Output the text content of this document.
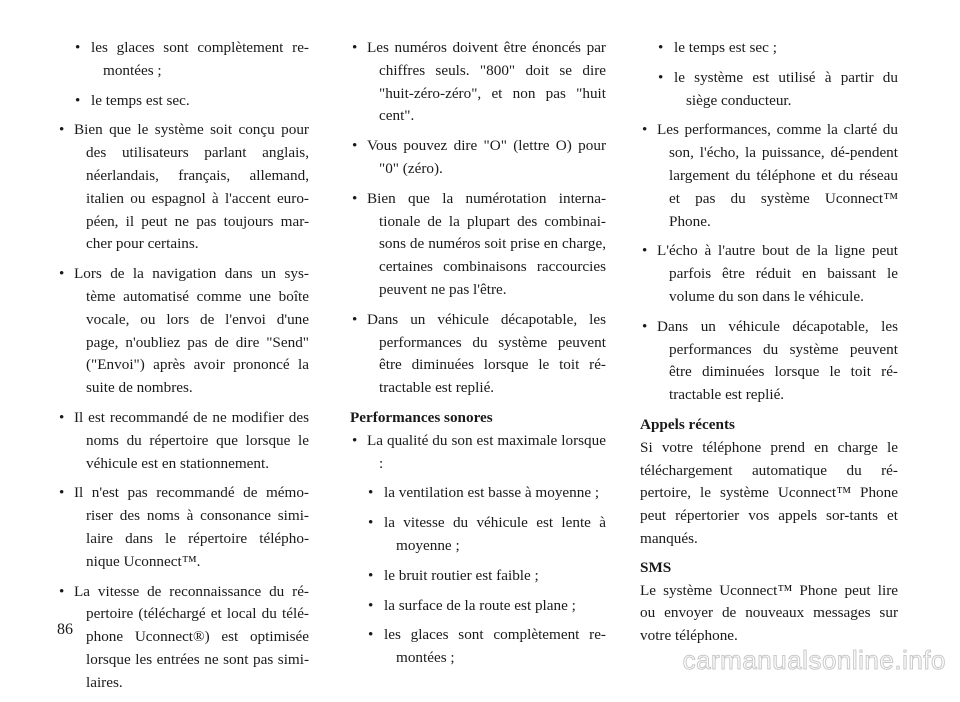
• les glaces sont complètement re-montées ;
• le temps est sec.
• Bien que le système soit conçu pour des utilisateurs parlant anglais, néerlandais, français, allemand, italien ou espagnol à l'accent euro-péen, il peut ne pas toujours mar-cher pour certains.
• Lors de la navigation dans un sys-tème automatisé comme une boîte vocale, ou lors de l'envoi d'une page, n'oubliez pas de dire "Send" ("Envoi") après avoir prononcé la suite de nombres.
• Il est recommandé de ne modifier des noms du répertoire que lorsque le véhicule est en stationnement.
• Il n'est pas recommandé de mémo-riser des noms à consonance simi-laire dans le répertoire télépho-nique Uconnect™.
• La vitesse de reconnaissance du ré-pertoire (téléchargé et local du télé-phone Uconnect®) est optimisée lorsque les entrées ne sont pas simi-laires.
• Les numéros doivent être énoncés par chiffres seuls. "800" doit se dire "huit-zéro-zéro", et non pas "huit cent".
• Vous pouvez dire "O" (lettre O) pour "0" (zéro).
• Bien que la numérotation interna-tionale de la plupart des combinai-sons de numéros soit prise en charge, certaines combinaisons raccourcies peuvent ne pas l'être.
• Dans un véhicule décapotable, les performances du système peuvent être diminuées lorsque le toit ré-tractable est replié.

Performances sonores

• La qualité du son est maximale lorsque :
• la ventilation est basse à moyenne ;
• la vitesse du véhicule est lente à moyenne ;
• le bruit routier est faible ;
• la surface de la route est plane ;
• les glaces sont complètement re-montées ;
• le temps est sec ;
• le système est utilisé à partir du siège conducteur.
• Les performances, comme la clarté du son, l'écho, la puissance, dé-pendent largement du téléphone et du réseau et pas du système Uconnect™ Phone.
• L'écho à l'autre bout de la ligne peut parfois être réduit en baissant le volume du son dans le véhicule.
• Dans un véhicule décapotable, les performances du système peuvent être diminuées lorsque le toit ré-tractable est replié.

Appels récents

Si votre téléphone prend en charge le téléchargement automatique du ré-pertoire, le système Uconnect™ Phone peut répertorier vos appels sor-tants et manqués.

SMS

Le système Uconnect™ Phone peut lire ou envoyer de nouveaux messages sur votre téléphone.

86
carmanualsonline.info
